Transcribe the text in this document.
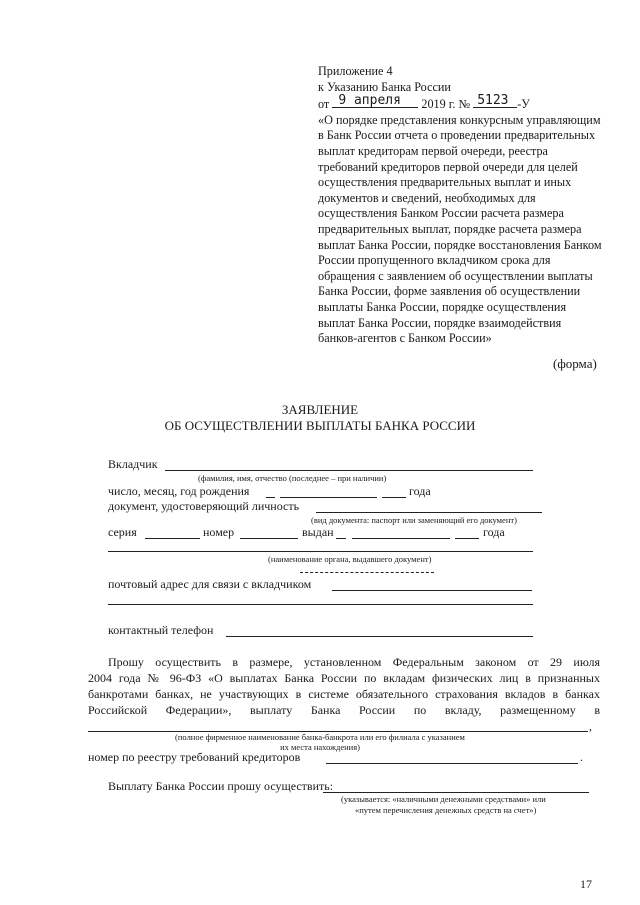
Приложение 4
к Указанию Банка России
от 9 апреля 2019 г. № 5123 -У
«О порядке представления конкурсным управляющим в Банк России отчета о проведении предварительных выплат кредиторам первой очереди, реестра требований кредиторов первой очереди для целей осуществления предварительных выплат и иных документов и сведений, необходимых для осуществления Банком России расчета размера предварительных выплат, порядке расчета размера выплат Банка России, порядке восстановления Банком России пропущенного вкладчиком срока для обращения с заявлением об осуществлении выплаты Банка России, форме заявления об осуществлении выплаты Банка России, порядке осуществления выплат Банка России, порядке взаимодействия банков-агентов с Банком России»
(форма)
ЗАЯВЛЕНИЕ
ОБ ОСУЩЕСТВЛЕНИИ ВЫПЛАТЫ БАНКА РОССИИ
Вкладчик
(фамилия, имя, отчество (последнее – при наличии)
число, месяц, год рождения	года
документ, удостоверяющий личность
(вид документа: паспорт или заменяющий его документ)
серия	номер	выдан	года
(наименование органа, выдавшего документ)
почтовый адрес для связи с вкладчиком
контактный телефон
Прошу осуществить в размере, установленном Федеральным законом от 29 июля
2004 года № 96-ФЗ «О выплатах Банка России по вкладам физических лиц в признанных
банкротами банках, не участвующих в системе обязательного страхования вкладов в банках
Российской Федерации», выплату Банка России по вкладу, размещенному в
,
(полное фирменное наименование банка-банкрота или его филиала с указанием
их места нахождения)
номер по реестру требований кредиторов	.
Выплату Банка России прошу осуществить:
(указывается: «наличными денежными средствами» или
«путем перечисления денежных средств на счет»)
17
